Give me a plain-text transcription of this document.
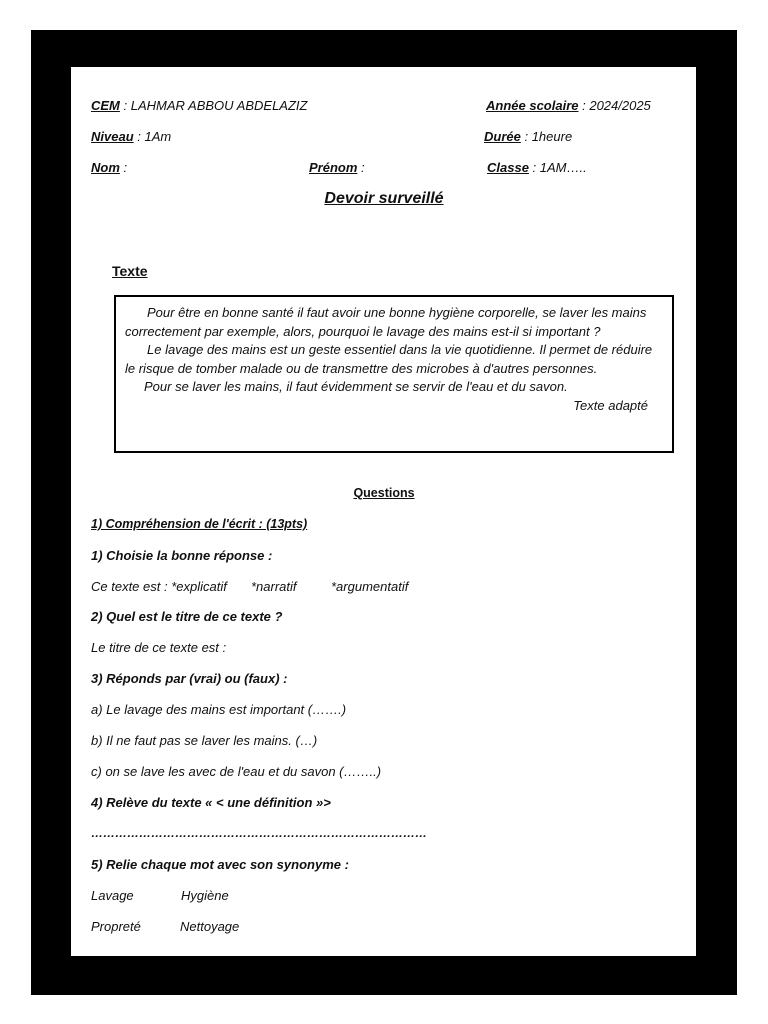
CEM : LAHMAR ABBOU ABDELAZIZ	Année scolaire : 2024/2025
Niveau : 1Am	Durée : 1heure
Nom :	Prénom :	Classe : 1AM…..
Devoir surveillé
Texte

Pour être en bonne santé il faut avoir une bonne hygiène corporelle, se laver les mains correctement par exemple, alors, pourquoi le lavage des mains est-il si important ?

Le lavage des mains est un geste essentiel dans la vie quotidienne. Il permet de réduire le risque de tomber malade ou de transmettre des microbes à d'autres personnes.

Pour se laver les mains, il faut évidemment se servir de l'eau et du savon.

Texte adapté

Questions
1) Compréhension de l'écrit : (13pts)
1) Choisie la bonne réponse :
Ce texte est : *explicatif *narratif	*argumentatif
2) Quel est le titre de ce texte ?
Le titre de ce texte est :
3) Réponds par (vrai) ou (faux) :
a) Le lavage des mains est important (…….)
b) Il ne faut pas se laver les mains. (…)
c) on se lave les avec de l'eau et du savon (……..)
4) Relève du texte « < une définition »>
…………………………………………………………………………
5) Relie chaque mot avec son synonyme :
Lavage	Hygiène
Propreté	Nettoyage
